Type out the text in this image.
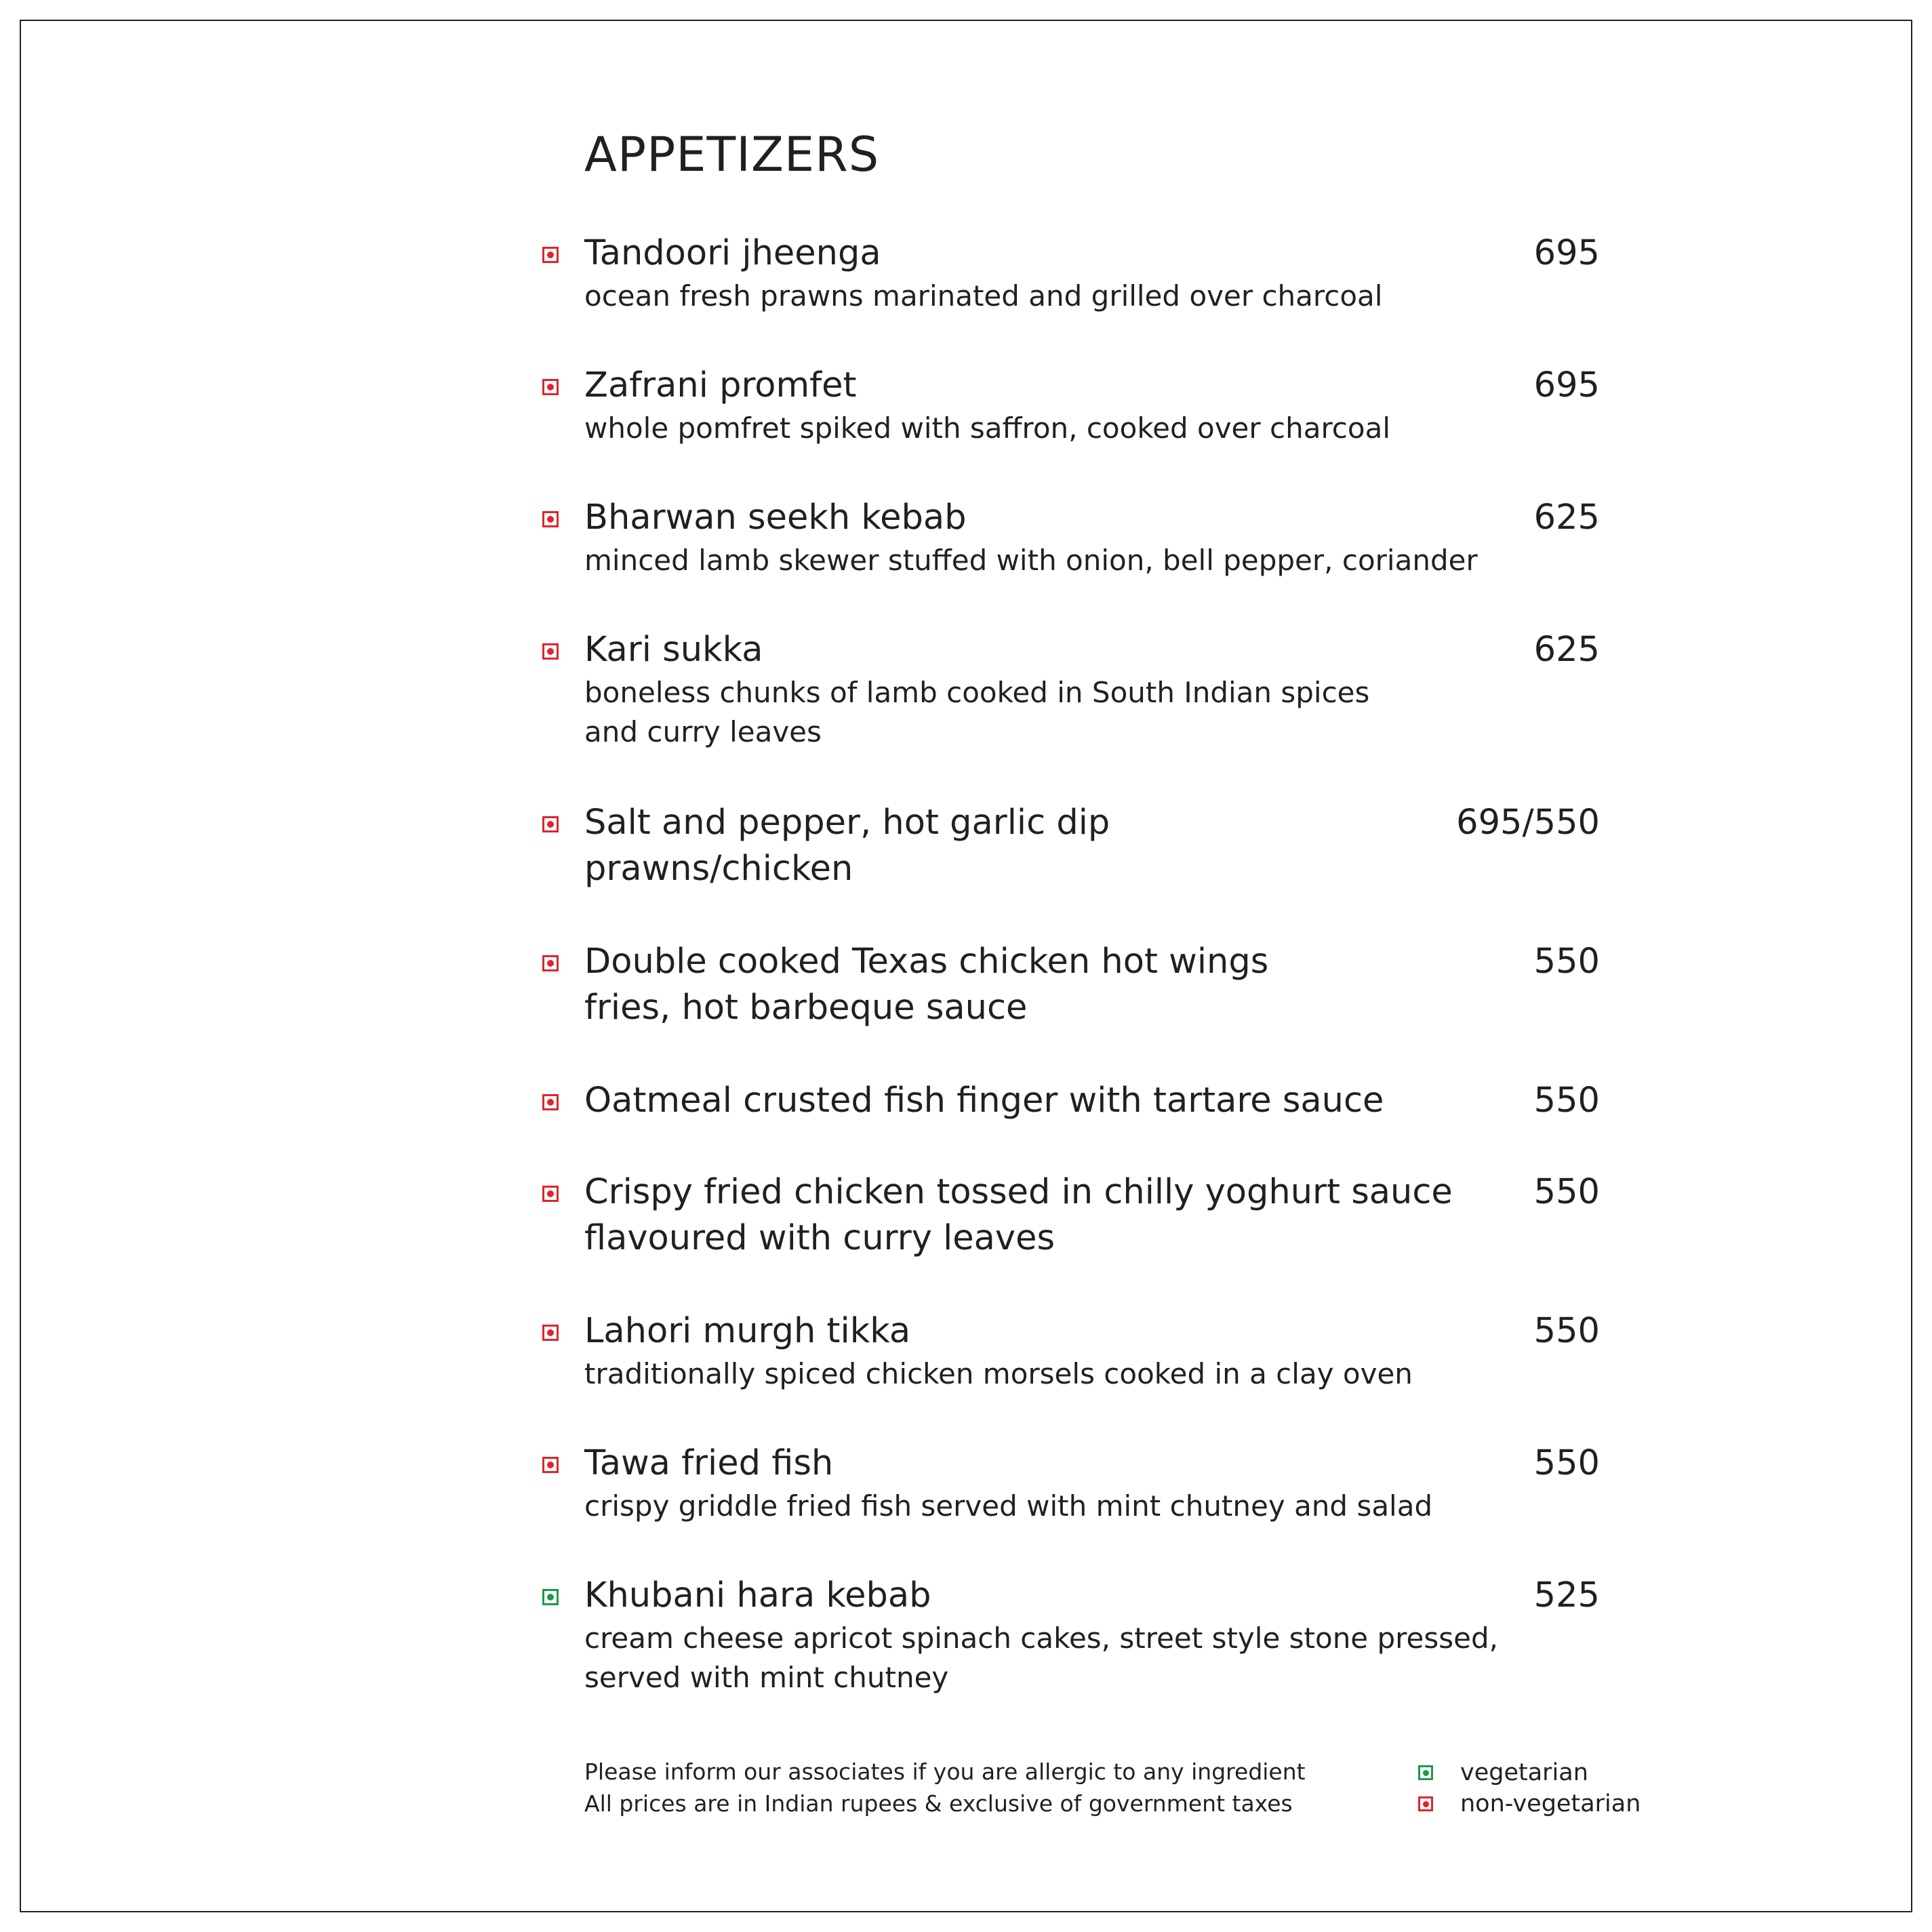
APPETIZERS
Tandoori jheenga	695
ocean fresh prawns marinated and grilled over charcoal
Zafrani promfet	695
whole pomfret spiked with saffron, cooked over charcoal
Bharwan seekh kebab	625
minced lamb skewer stuffed with onion, bell pepper, coriander
Kari sukka	625
boneless chunks of lamb cooked in South Indian spices
and curry leaves
Salt and pepper, hot garlic dip	695/550
prawns/chicken
Double cooked Texas chicken hot wings	550
fries, hot barbeque sauce
Oatmeal crusted fish finger with tartare sauce	550
Crispy fried chicken tossed in chilly yoghurt sauce 550
flavoured with curry leaves
Lahori murgh tikka	550
traditionally spiced chicken morsels cooked in a clay oven
Tawa fried fish	550
crispy griddle fried fish served with mint chutney and salad
Khubani hara kebab	525
cream cheese apricot spinach cakes, street style stone pressed,
served with mint chutney
Please inform our associates if you are allergic to any ingredient
All prices are in Indian rupees & exclusive of government taxes
vegetarian
non-vegetarian
